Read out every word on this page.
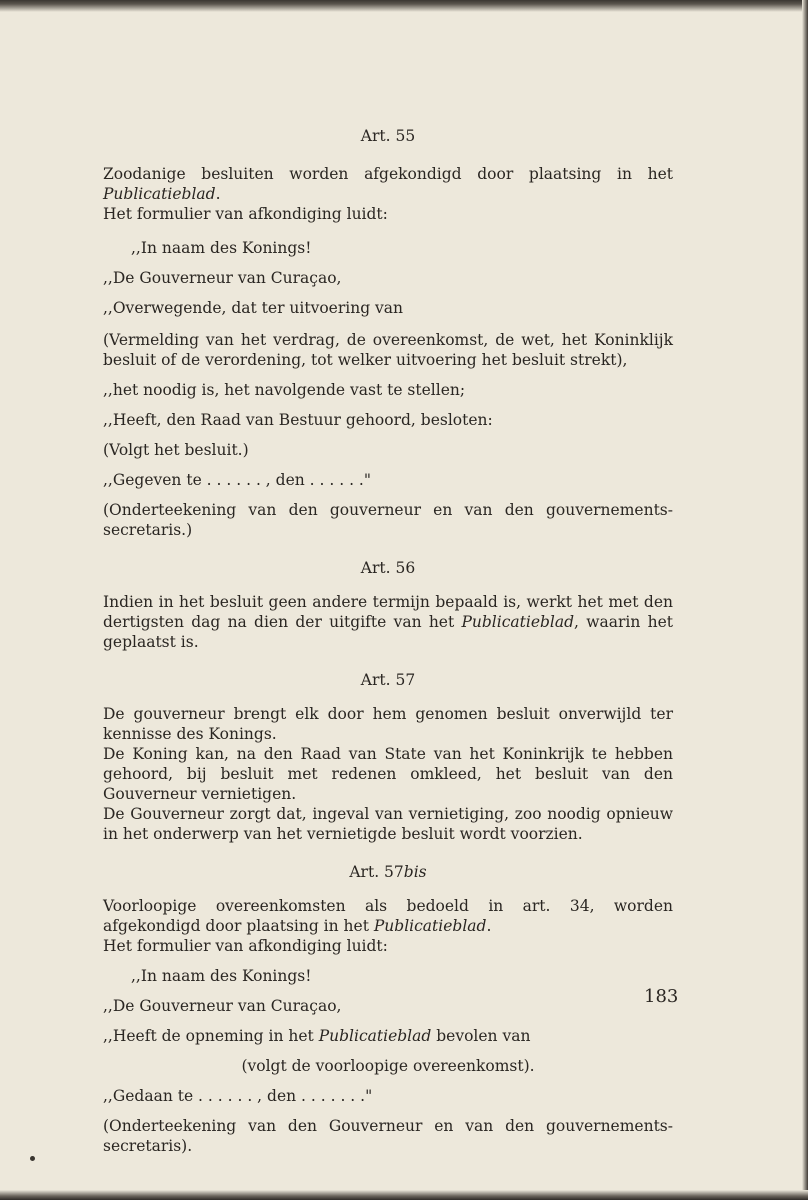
Art. 55

Zoodanige besluiten worden afgekondigd door plaatsing in het Publicatieblad.

Het formulier van afkondiging luidt:

,,In naam des Konings!

,,De Gouverneur van Curaçao,

,,Overwegende, dat ter uitvoering van

(Vermelding van het verdrag, de overeenkomst, de wet, het Koninklijk besluit of de verordening, tot welker uitvoering het besluit strekt),

,,het noodig is, het navolgende vast te stellen;

,,Heeft, den Raad van Bestuur gehoord, besloten:

(Volgt het besluit.)

,,Gegeven te . . . . . . , den . . . . . ."

(Onderteekening van den gouverneur en van den gouvernements-secretaris.)

Art. 56

Indien in het besluit geen andere termijn bepaald is, werkt het met den dertigsten dag na dien der uitgifte van het Publicatieblad, waarin het geplaatst is.

Art. 57

De gouverneur brengt elk door hem genomen besluit onverwijld ter kennisse des Konings.

De Koning kan, na den Raad van State van het Koninkrijk te hebben gehoord, bij besluit met redenen omkleed, het besluit van den Gouverneur vernietigen.

De Gouverneur zorgt dat, ingeval van vernietiging, zoo noodig opnieuw in het onderwerp van het vernietigde besluit wordt voorzien.

Art. 57bis

Voorloopige overeenkomsten als bedoeld in art. 34, worden afgekondigd door plaatsing in het Publicatieblad.

Het formulier van afkondiging luidt:

,,In naam des Konings!

,,De Gouverneur van Curaçao,

,,Heeft de opneming in het Publicatieblad bevolen van

(volgt de voorloopige overeenkomst).

,,Gedaan te . . . . . . , den . . . . . . ."

(Onderteekening van den Gouverneur en van den gouvernements-secretaris).

183
